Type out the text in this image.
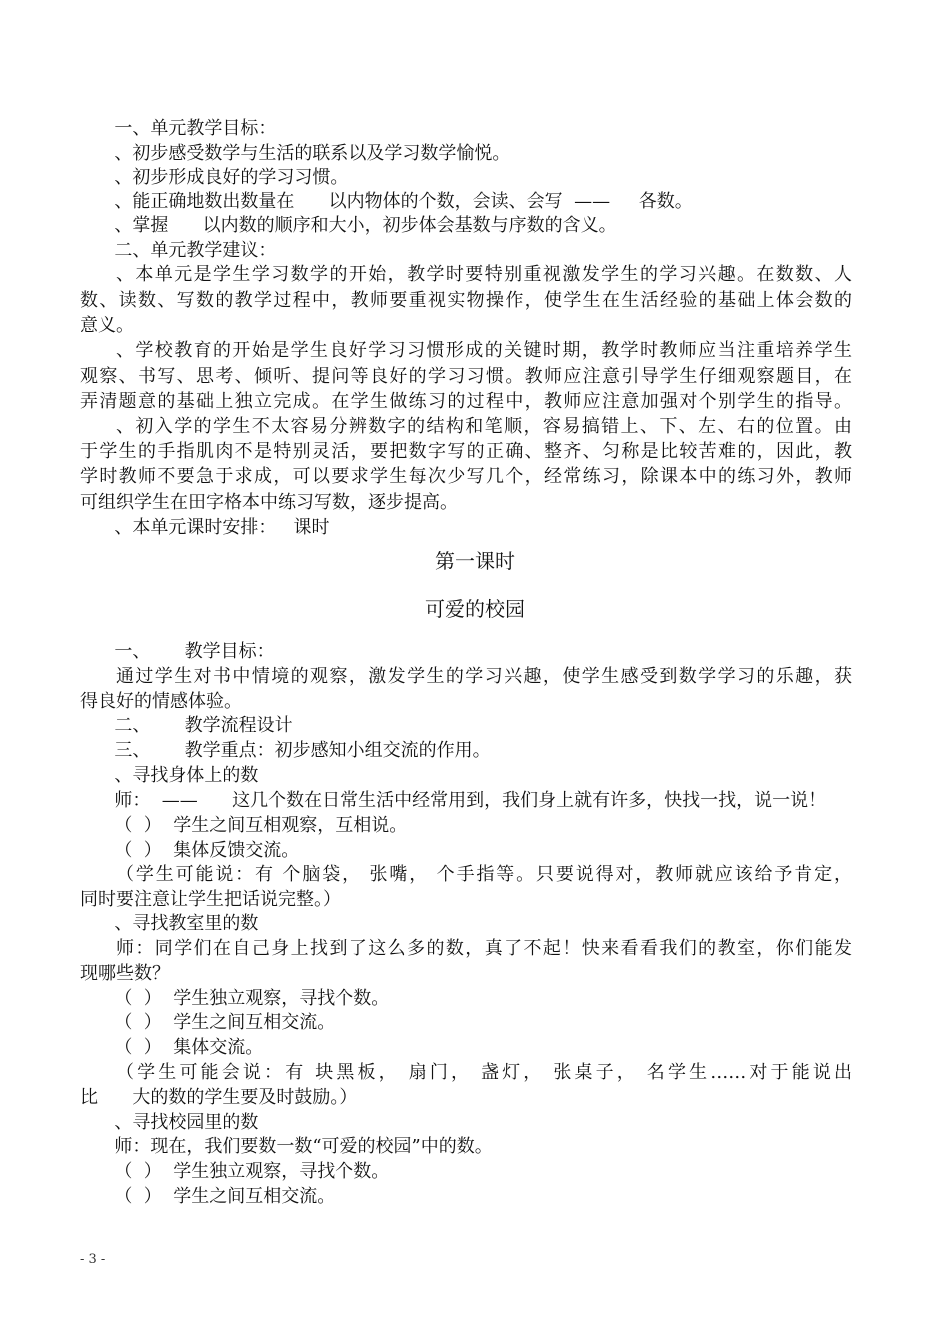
一、单元教学目标：

、初步感受数学与生活的联系以及学习数学愉悦。

、初步形成良好的学习习惯。

、能正确地数出数量在      以内物体的个数，会读、会写  ——     各数。

、掌握      以内数的顺序和大小，初步体会基数与序数的含义。

二、单元教学建议：

、本单元是学生学习数学的开始，教学时要特别重视激发学生的学习兴趣。在数数、人

数、读数、写数的教学过程中，教师要重视实物操作，使学生在生活经验的基础上体会数的

意义。

、学校教育的开始是学生良好学习习惯形成的关键时期，教学时教师应当注重培养学生

观察、书写、思考、倾听、提问等良好的学习习惯。教师应注意引导学生仔细观察题目，在

弄清题意的基础上独立完成。在学生做练习的过程中，教师应注意加强对个别学生的指导。

、初入学的学生不太容易分辨数字的结构和笔顺，容易搞错上、下、左、右的位置。由

于学生的手指肌肉不是特别灵活，要把数字写的正确、整齐、匀称是比较苦难的，因此，教

学时教师不要急于求成，可以要求学生每次少写几个，经常练习，除课本中的练习外，教师

可组织学生在田字格本中练习写数，逐步提高。

、本单元课时安排：   课时

第一课时

可爱的校园

一、      教学目标：

通过学生对书中情境的观察，激发学生的学习兴趣，使学生感受到数学学习的乐趣，获

得良好的情感体验。

二、      教学流程设计

三、      教学重点：初步感知小组交流的作用。

、寻找身体上的数

师：  ——      这几个数在日常生活中经常用到，我们身上就有许多，快找一找，说一说！

（  ）  学生之间互相观察，互相说。

（  ）  集体反馈交流。

（学生可能说：有 个脑袋， 张嘴， 个手指等。只要说得对，教师就应该给予肯定，

同时要注意让学生把话说完整。）

、寻找教室里的数

师：同学们在自己身上找到了这么多的数，真了不起！快来看看我们的教室，你们能发

现哪些数？

（  ）  学生独立观察，寻找个数。

（  ）  学生之间互相交流。

（  ）  集体交流。

（学生可能会说：有 块黑板， 扇门， 盏灯， 张桌子， 名学生……对于能说出

比      大的数的学生要及时鼓励。）

、寻找校园里的数

师：现在，我们要数一数“可爱的校园”中的数。

（  ）  学生独立观察，寻找个数。

（  ）  学生之间互相交流。

- 3 -
